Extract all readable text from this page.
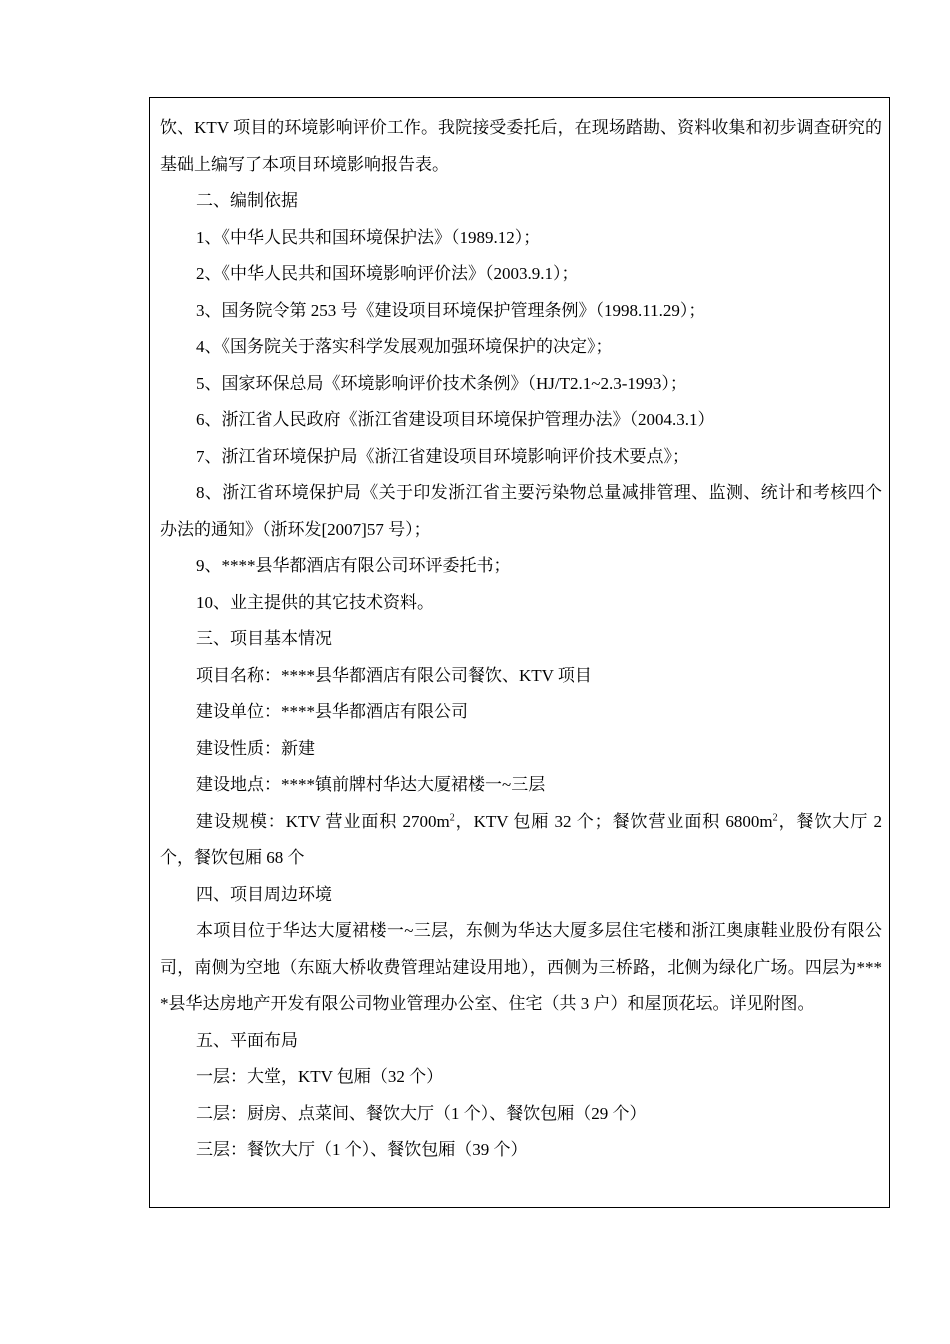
饮、KTV 项目的环境影响评价工作。我院接受委托后，在现场踏勘、资料收集和初步调查研究的基础上编写了本项目环境影响报告表。

二、编制依据

1、《中华人民共和国环境保护法》（1989.12）；

2、《中华人民共和国环境影响评价法》（2003.9.1）；

3、国务院令第 253 号《建设项目环境保护管理条例》（1998.11.29）；

4、《国务院关于落实科学发展观加强环境保护的决定》；

5、国家环保总局《环境影响评价技术条例》（HJ/T2.1~2.3-1993）；

6、浙江省人民政府《浙江省建设项目环境保护管理办法》（2004.3.1）

7、浙江省环境保护局《浙江省建设项目环境影响评价技术要点》；

8、浙江省环境保护局《关于印发浙江省主要污染物总量减排管理、监测、统计和考核四个办法的通知》（浙环发[2007]57 号）；

9、****县华都酒店有限公司环评委托书；

10、业主提供的其它技术资料。

三、项目基本情况

项目名称：****县华都酒店有限公司餐饮、KTV 项目

建设单位：****县华都酒店有限公司

建设性质：新建

建设地点：****镇前牌村华达大厦裙楼一~三层

建设规模：KTV 营业面积 $2700m^2$，KTV 包厢 32 个；餐饮营业面积 $6800m^2$，餐饮大厅 2 个，餐饮包厢 68 个

四、项目周边环境

本项目位于华达大厦裙楼一~三层，东侧为华达大厦多层住宅楼和浙江奥康鞋业股份有限公司，南侧为空地（东瓯大桥收费管理站建设用地），西侧为三桥路，北侧为绿化广场。四层为****县华达房地产开发有限公司物业管理办公室、住宅（共 3 户）和屋顶花坛。详见附图。

五、平面布局

一层：大堂，KTV 包厢（32 个）

二层：厨房、点菜间、餐饮大厅（1 个）、餐饮包厢（29 个）

三层：餐饮大厅（1 个）、餐饮包厢（39 个）
